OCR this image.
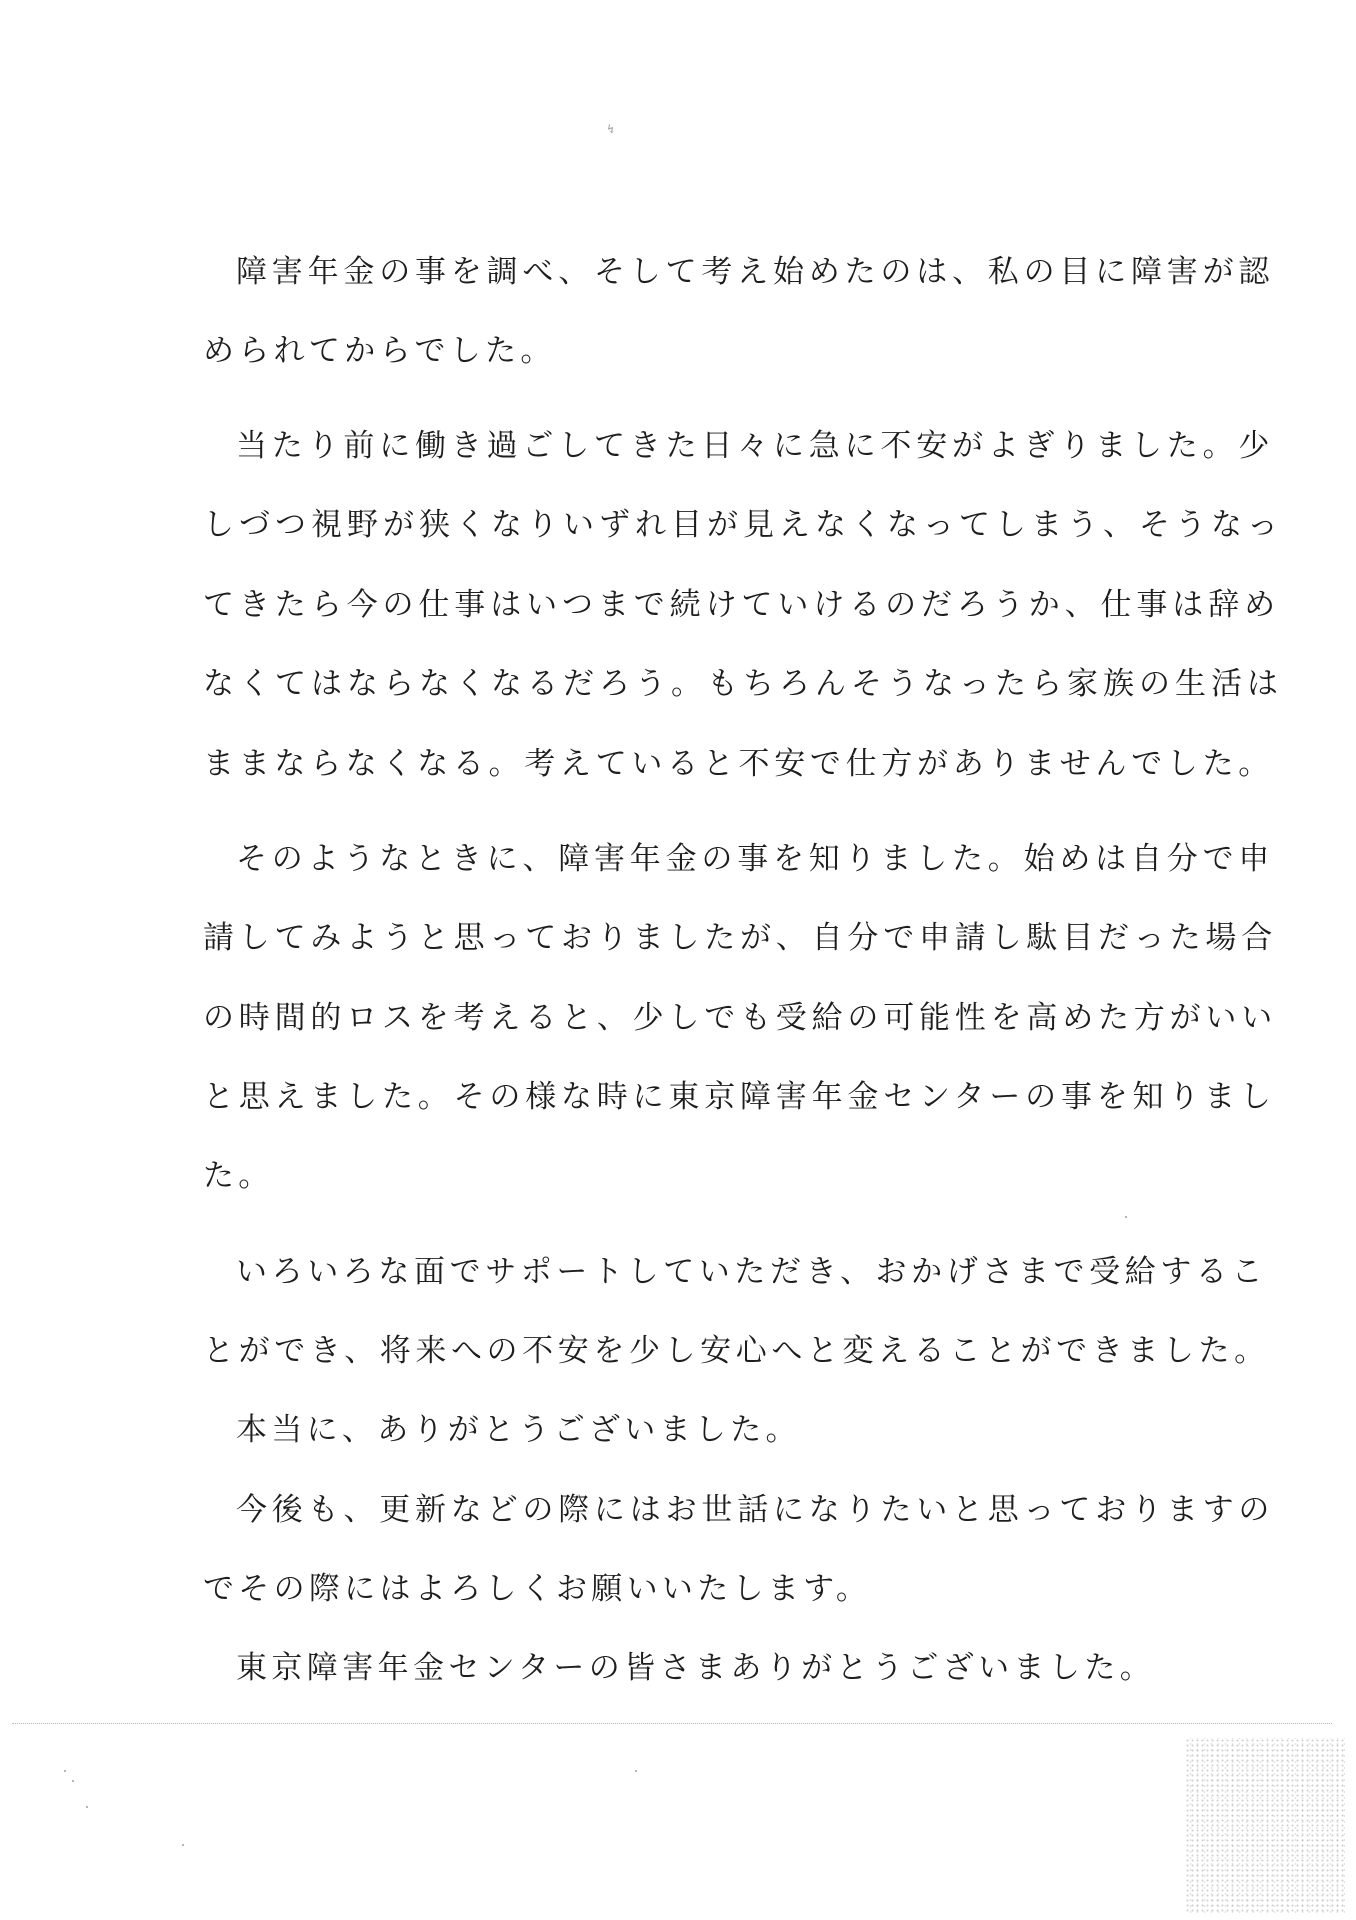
↯
障害年金の事を調べ、そして考え始めたのは、私の目に障害が認
められてからでした。
当たり前に働き過ごしてきた日々に急に不安がよぎりました。少
しづつ視野が狭くなりいずれ目が見えなくなってしまう、そうなっ
てきたら今の仕事はいつまで続けていけるのだろうか、仕事は辞め
なくてはならなくなるだろう。もちろんそうなったら家族の生活は
ままならなくなる。考えていると不安で仕方がありませんでした。
そのようなときに、障害年金の事を知りました。始めは自分で申
請してみようと思っておりましたが、自分で申請し駄目だった場合
の時間的ロスを考えると、少しでも受給の可能性を高めた方がいい
と思えました。その様な時に東京障害年金センターの事を知りまし
た。
いろいろな面でサポートしていただき、おかげさまで受給するこ
とができ、将来への不安を少し安心へと変えることができました。
本当に、ありがとうございました。
今後も、更新などの際にはお世話になりたいと思っておりますの
でその際にはよろしくお願いいたします。
東京障害年金センターの皆さまありがとうございました。
